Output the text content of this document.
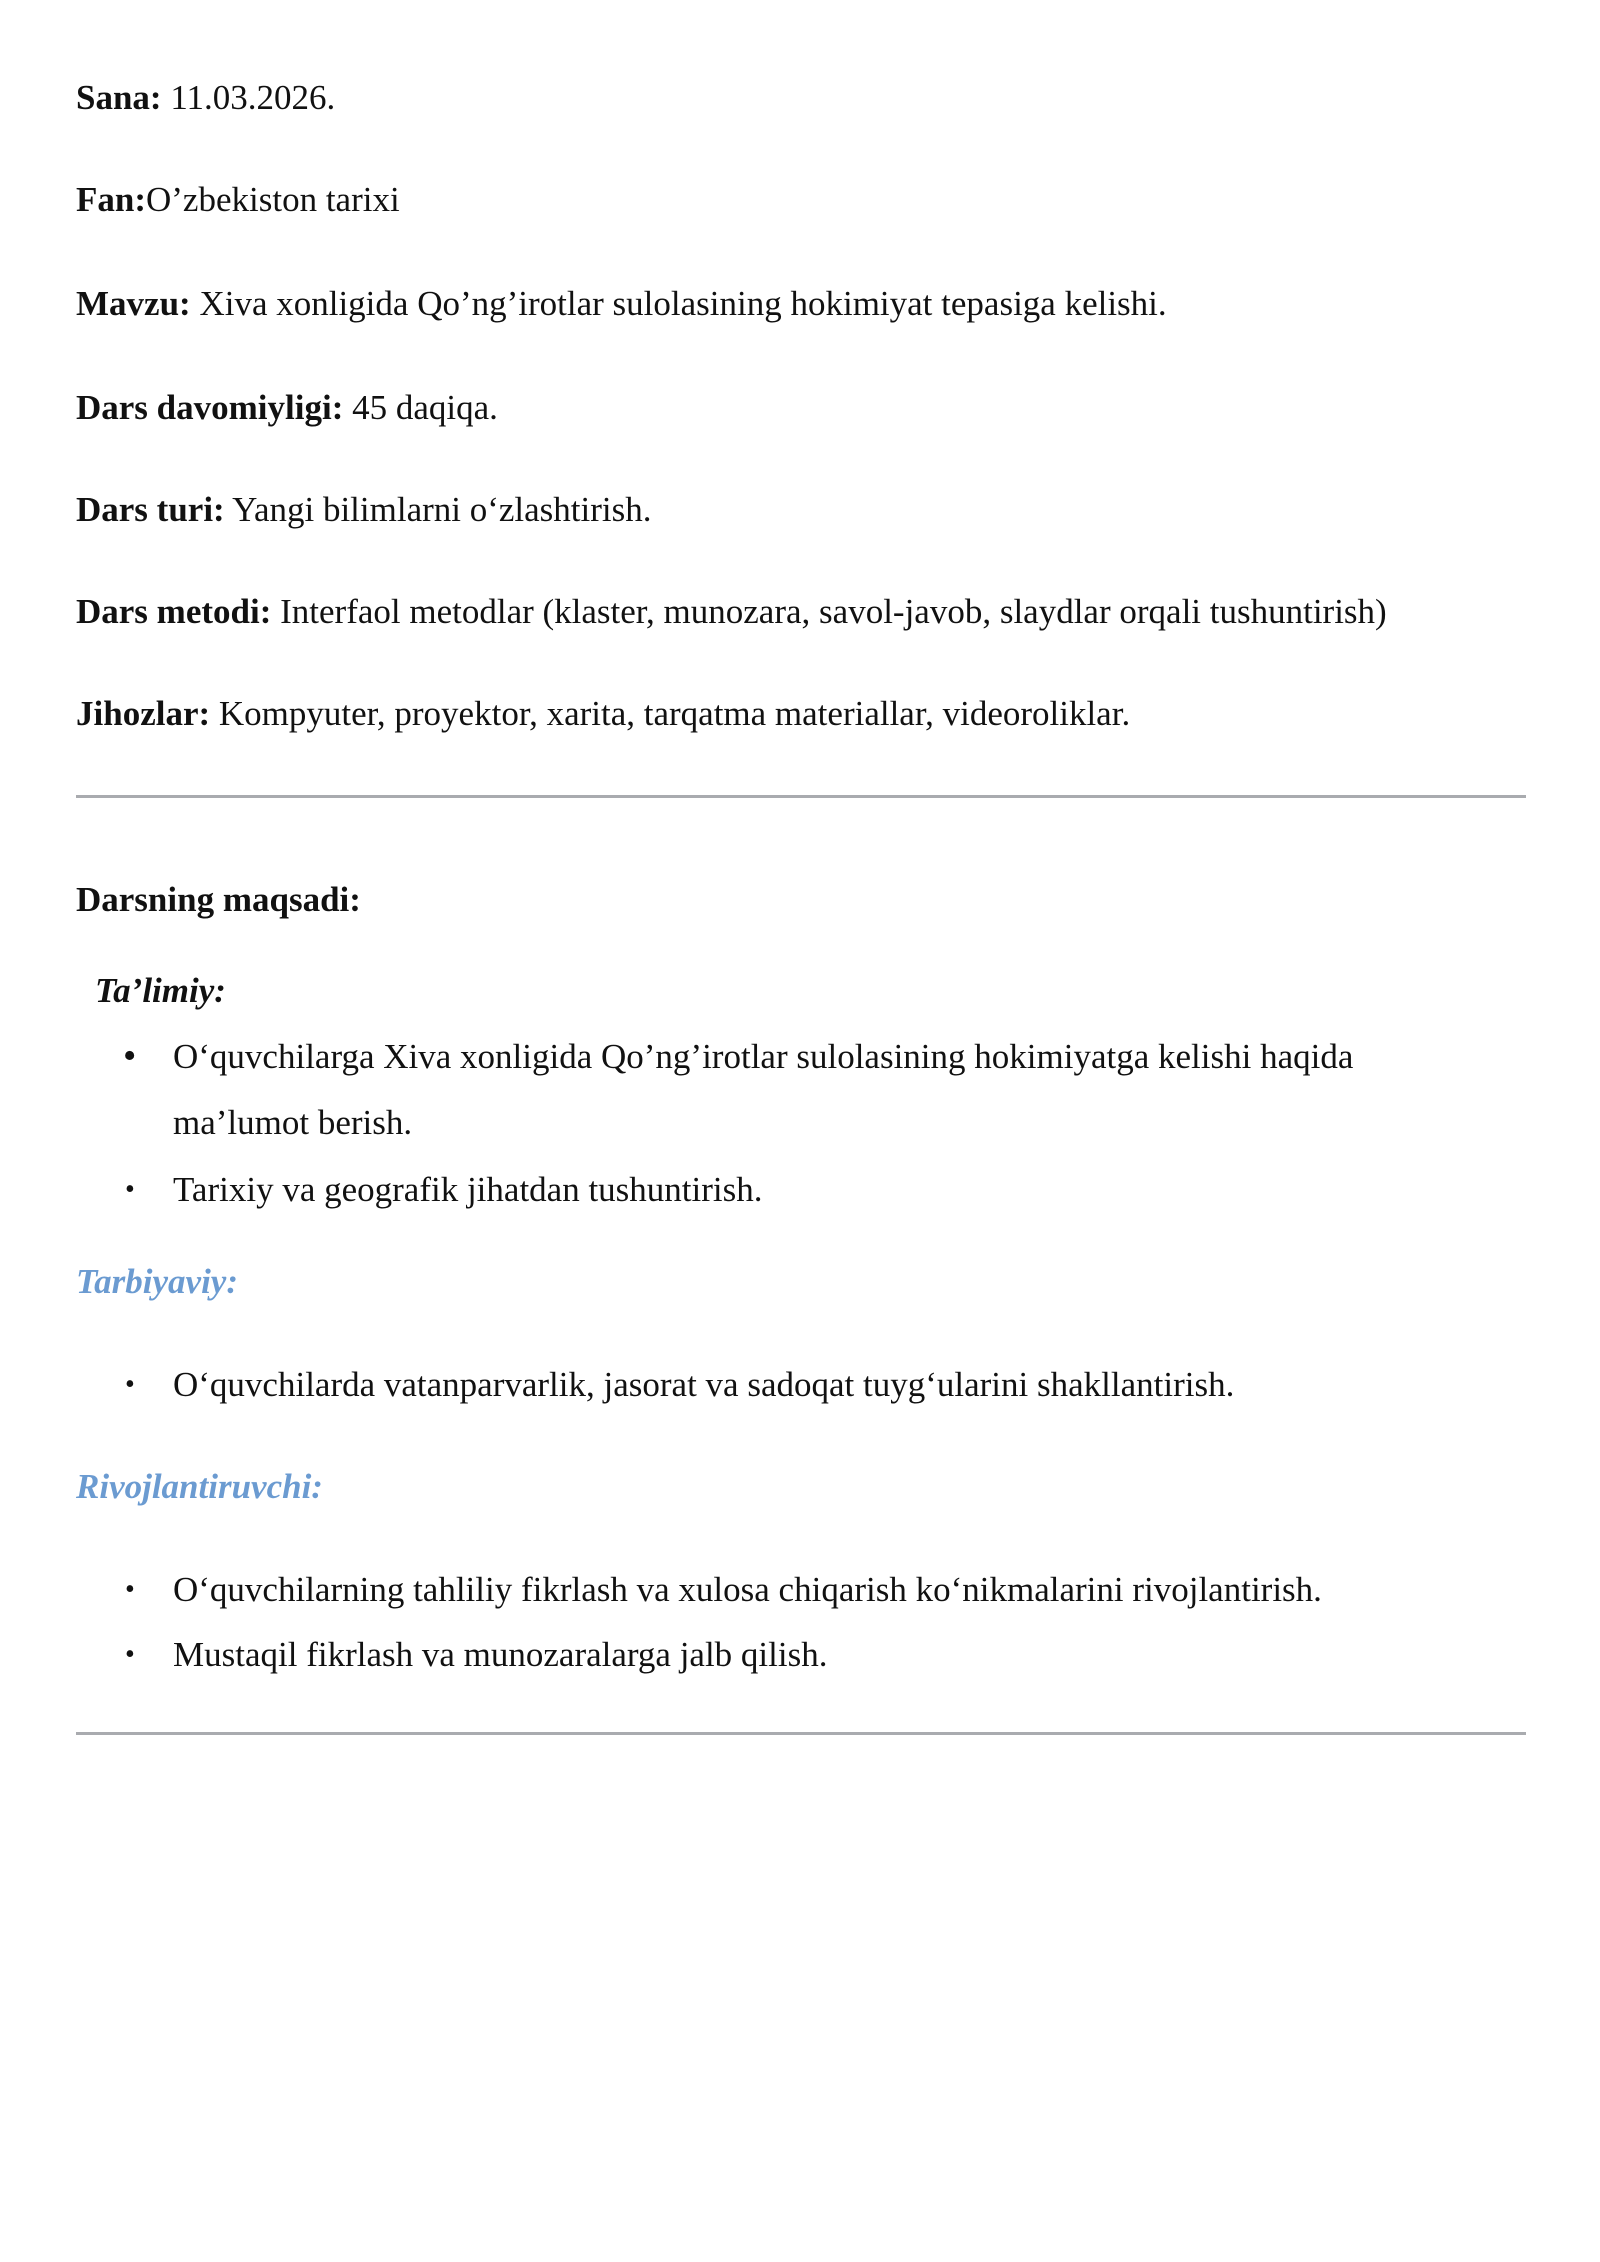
Sana: 11.03.2026.
Fan:O’zbekiston tarixi
Mavzu: Xiva xonligida Qo’ng’irotlar sulolasining hokimiyat tepasiga kelishi.
Dars davomiyligi: 45 daqiqa.
Dars turi: Yangi bilimlarni o‘zlashtirish.
Dars metodi: Interfaol metodlar (klaster, munozara, savol-javob, slaydlar orqali tushuntirish)
Jihozlar: Kompyuter, proyektor, xarita, tarqatma materiallar, videoroliklar.
Darsning maqsadi:
Ta’limiy:
• O‘quvchilarga Xiva xonligida Qo’ng’irotlar sulolasining hokimiyatga kelishi haqida
ma’lumot berish.
• Tarixiy va geografik jihatdan tushuntirish.
Tarbiyaviy:
• O‘quvchilarda vatanparvarlik, jasorat va sadoqat tuyg‘ularini shakllantirish.
Rivojlantiruvchi:
• O‘quvchilarning tahliliy fikrlash va xulosa chiqarish ko‘nikmalarini rivojlantirish.
• Mustaqil fikrlash va munozaralarga jalb qilish.
